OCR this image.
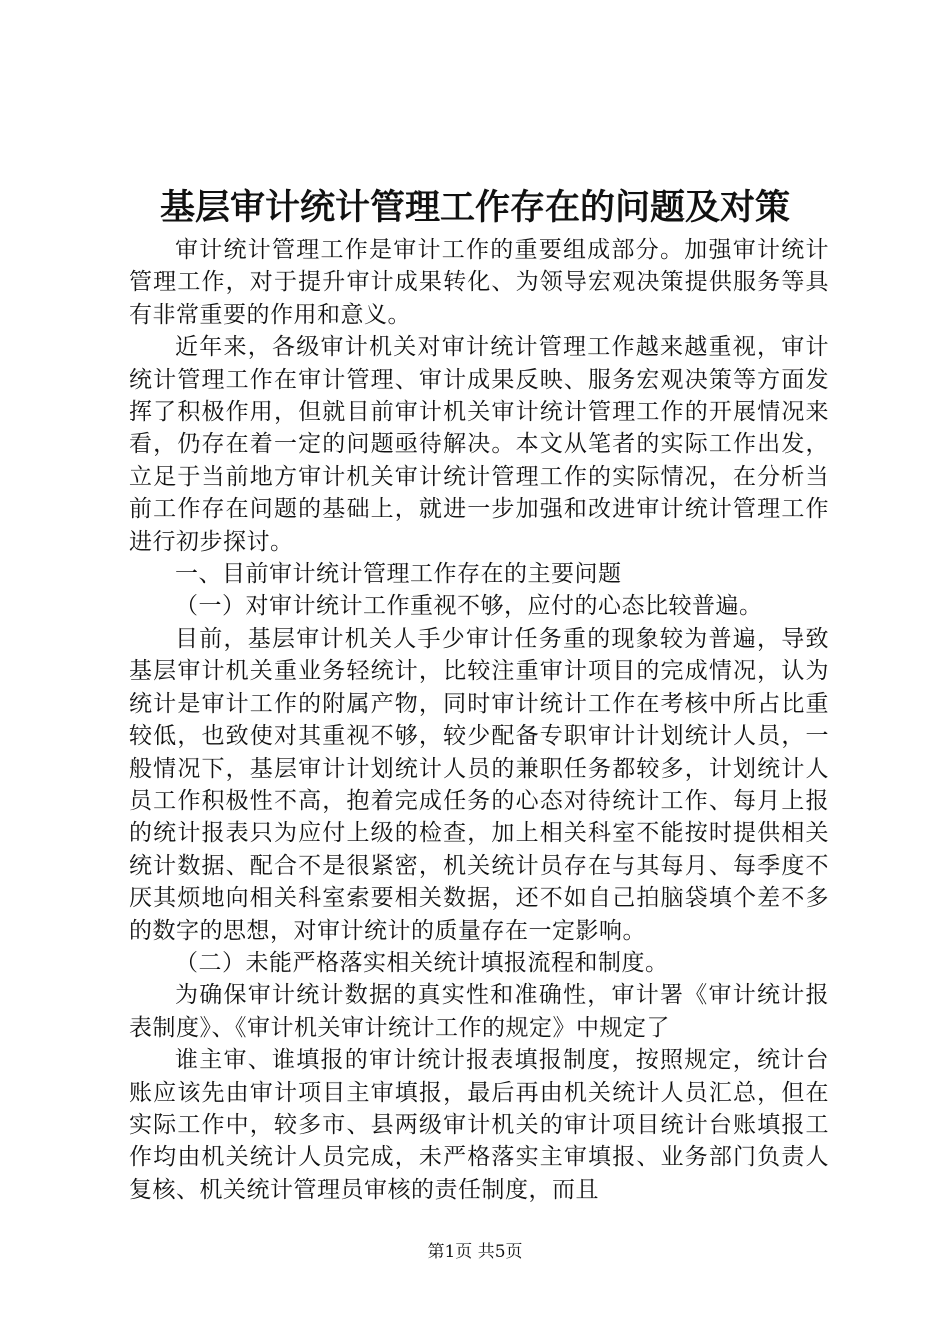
基层审计统计管理工作存在的问题及对策

审计统计管理工作是审计工作的重要组成部分。加强审计统计管理工作，对于提升审计成果转化、为领导宏观决策提供服务等具有非常重要的作用和意义。

近年来，各级审计机关对审计统计管理工作越来越重视，审计统计管理工作在审计管理、审计成果反映、服务宏观决策等方面发挥了积极作用，但就目前审计机关审计统计管理工作的开展情况来看，仍存在着一定的问题亟待解决。本文从笔者的实际工作出发，立足于当前地方审计机关审计统计管理工作的实际情况，在分析当前工作存在问题的基础上，就进一步加强和改进审计统计管理工作进行初步探讨。

一、目前审计统计管理工作存在的主要问题

（一）对审计统计工作重视不够，应付的心态比较普遍。

目前，基层审计机关人手少审计任务重的现象较为普遍，导致基层审计机关重业务轻统计，比较注重审计项目的完成情况，认为统计是审计工作的附属产物，同时审计统计工作在考核中所占比重较低，也致使对其重视不够，较少配备专职审计计划统计人员，一般情况下，基层审计计划统计人员的兼职任务都较多，计划统计人员工作积极性不高，抱着完成任务的心态对待统计工作、每月上报的统计报表只为应付上级的检查，加上相关科室不能按时提供相关统计数据、配合不是很紧密，机关统计员存在与其每月、每季度不厌其烦地向相关科室索要相关数据，还不如自己拍脑袋填个差不多的数字的思想，对审计统计的质量存在一定影响。

（二）未能严格落实相关统计填报流程和制度。

为确保审计统计数据的真实性和准确性，审计署《审计统计报表制度》、《审计机关审计统计工作的规定》中规定了

谁主审、谁填报的审计统计报表填报制度，按照规定，统计台账应该先由审计项目主审填报，最后再由机关统计人员汇总，但在实际工作中，较多市、县两级审计机关的审计项目统计台账填报工作均由机关统计人员完成，未严格落实主审填报、业务部门负责人复核、机关统计管理员审核的责任制度，而且

第1页 共5页
